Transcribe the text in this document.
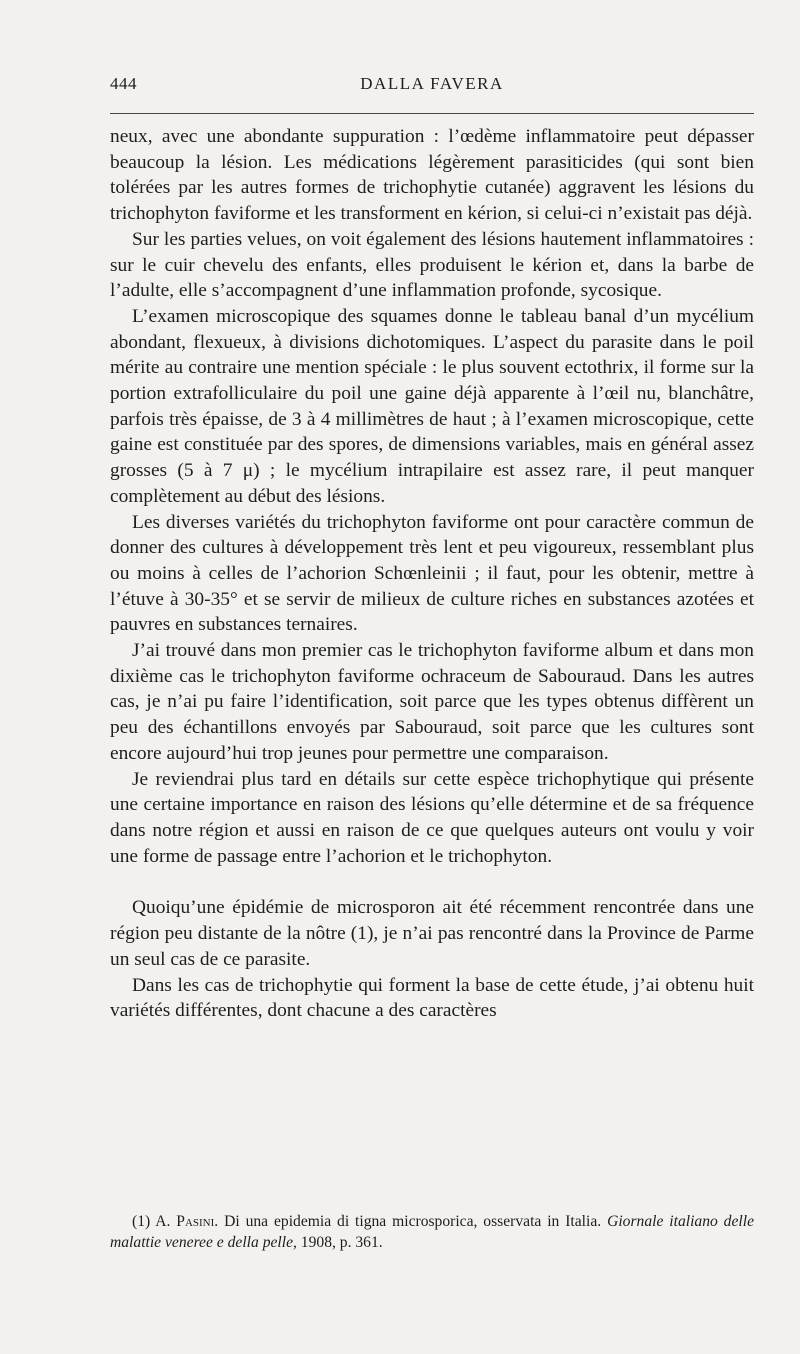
444	DALLA FAVERA

neux, avec une abondante suppuration : l’œdème inflammatoire peut dépasser beaucoup la lésion. Les médications légèrement parasiticides (qui sont bien tolérées par les autres formes de trichophytie cutanée) aggravent les lésions du trichophyton faviforme et les transforment en kérion, si celui-ci n’existait pas déjà.

Sur les parties velues, on voit également des lésions hautement inflammatoires : sur le cuir chevelu des enfants, elles produisent le kérion et, dans la barbe de l’adulte, elle s’accompagnent d’une inflammation profonde, sycosique.

L’examen microscopique des squames donne le tableau banal d’un mycélium abondant, flexueux, à divisions dichotomiques. L’aspect du parasite dans le poil mérite au contraire une mention spéciale : le plus souvent ectothrix, il forme sur la portion extrafolliculaire du poil une gaine déjà apparente à l’œil nu, blanchâtre, parfois très épaisse, de 3 à 4 millimètres de haut ; à l’examen microscopique, cette gaine est constituée par des spores, de dimensions variables, mais en général assez grosses (5 à 7 μ) ; le mycélium intrapilaire est assez rare, il peut manquer complètement au début des lésions.

Les diverses variétés du trichophyton faviforme ont pour caractère commun de donner des cultures à développement très lent et peu vigoureux, ressemblant plus ou moins à celles de l’achorion Schœnleinii ; il faut, pour les obtenir, mettre à l’étuve à 30-35° et se servir de milieux de culture riches en substances azotées et pauvres en substances ternaires.

J’ai trouvé dans mon premier cas le trichophyton faviforme album et dans mon dixième cas le trichophyton faviforme ochraceum de Sabouraud. Dans les autres cas, je n’ai pu faire l’identification, soit parce que les types obtenus diffèrent un peu des échantillons envoyés par Sabouraud, soit parce que les cultures sont encore aujourd’hui trop jeunes pour permettre une comparaison.

Je reviendrai plus tard en détails sur cette espèce trichophytique qui présente une certaine importance en raison des lésions qu’elle détermine et de sa fréquence dans notre région et aussi en raison de ce que quelques auteurs ont voulu y voir une forme de passage entre l’achorion et le trichophyton.

Quoiqu’une épidémie de microsporon ait été récemment rencontrée dans une région peu distante de la nôtre (1), je n’ai pas rencontré dans la Province de Parme un seul cas de ce parasite.

Dans les cas de trichophytie qui forment la base de cette étude, j’ai obtenu huit variétés différentes, dont chacune a des caractères

(1) A. Pasini. Di una epidemia di tigna microsporica, osservata in Italia. Giornale italiano delle malattie veneree e della pelle, 1908, p. 361.
